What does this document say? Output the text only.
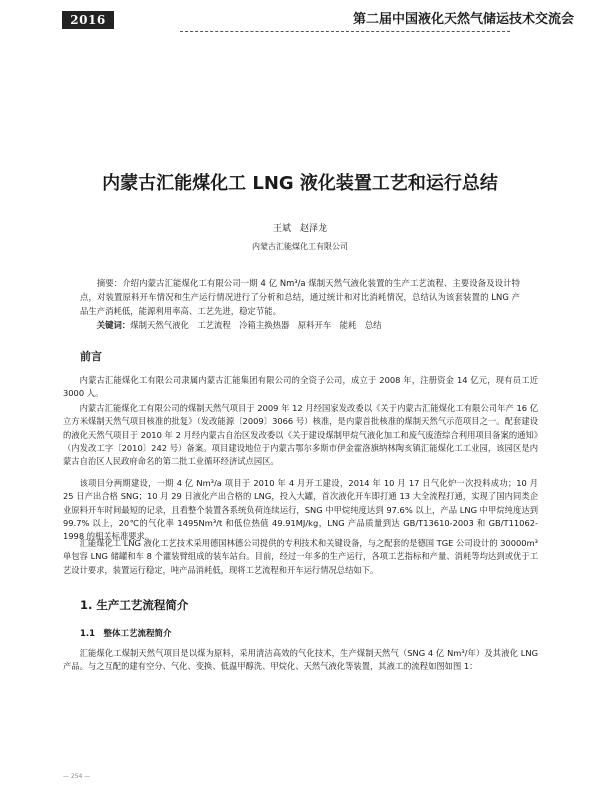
2016	第二届中国液化天然气储运技术交流会
内蒙古汇能煤化工 LNG 液化装置工艺和运行总结
王斌　赵泽龙
内蒙古汇能煤化工有限公司

摘要：介绍内蒙古汇能煤化工有限公司一期 4 亿 Nm³/a 煤制天然气液化装置的生产工艺流程、主要设备及设计特点，对装置原料开车情况和生产运行情况进行了分析和总结，通过统计和对比消耗情况，总结认为该套装置的 LNG 产品生产消耗低，能源利用率高、工艺先进，稳定节能。

关键词：煤制天然气液化　工艺流程　冷箱主换热器　原料开车　能耗　总结

前言

内蒙古汇能煤化工有限公司隶属内蒙古汇能集团有限公司的全资子公司，成立于 2008 年，注册资金 14 亿元，现有员工近 3000 人。

内蒙古汇能煤化工有限公司的煤制天然气项目于 2009 年 12 月经国家发改委以《关于内蒙古汇能煤化工有限公司年产 16 亿立方米煤制天然气项目核准的批复》（发改能源〔2009〕3066 号）核准，是内蒙首批核准的煤制天然气示范项目之一。配套建设的液化天然气项目于 2010 年 2 月经内蒙古自治区发改委以《关于建设煤制甲烷气液化加工和废气废渣综合利用项目备案的通知》（内发改工字〔2010〕242 号）备案。项目建设地位于内蒙古鄂尔多斯市伊金霍洛旗纳林陶亥镇汇能煤化工工业园，该园区是内蒙古自治区人民政府命名的第二批工业循环经济试点园区。

该项目分两期建设，一期 4 亿 Nm³/a 项目于 2010 年 4 月开工建设，2014 年 10 月 17 日气化炉一次投料成功；10 月 25 日产出合格 SNG；10 月 29 日液化产出合格的 LNG，投入大罐，首次液化开车即打通 13 大全流程打通，实现了国内同类企业原料开车时间最短的记录，且看整个装置各系统负荷连续运行，SNG 中甲烷纯度达到 97.6% 以上，产品 LNG 中甲烷纯度达到 99.7% 以上，20℃的气化率 1495Nm³/t 和低位热值 49.91MJ/kg，LNG 产品质量到达 GB/T13610-2003 和 GB/T11062-1998 的相关标准要求。

汇能煤化工 LNG 液化工艺技术采用德国林德公司提供的专利技术和关键设备，与之配套的是德国 TGE 公司设计的 30000m³ 单包容 LNG 储罐和车 8 个灌装臂组成的装车站台。目前，经过一年多的生产运行，各项工艺指标和产量、消耗等均达到或优于工艺设计要求，装置运行稳定，吨产品消耗低，现将工艺流程和开车运行情况总结如下。

1. 生产工艺流程简介
1.1　整体工艺流程简介

汇能煤化工煤制天然气项目是以煤为原料，采用清洁高效的气化技术，生产煤制天然气（SNG 4 亿 Nm³/年）及其液化 LNG 产品。与之互配的建有空分、气化、变换、低温甲醇洗、甲烷化、天然气液化等装置，其液工的流程如图如图 1：

— 254 —
